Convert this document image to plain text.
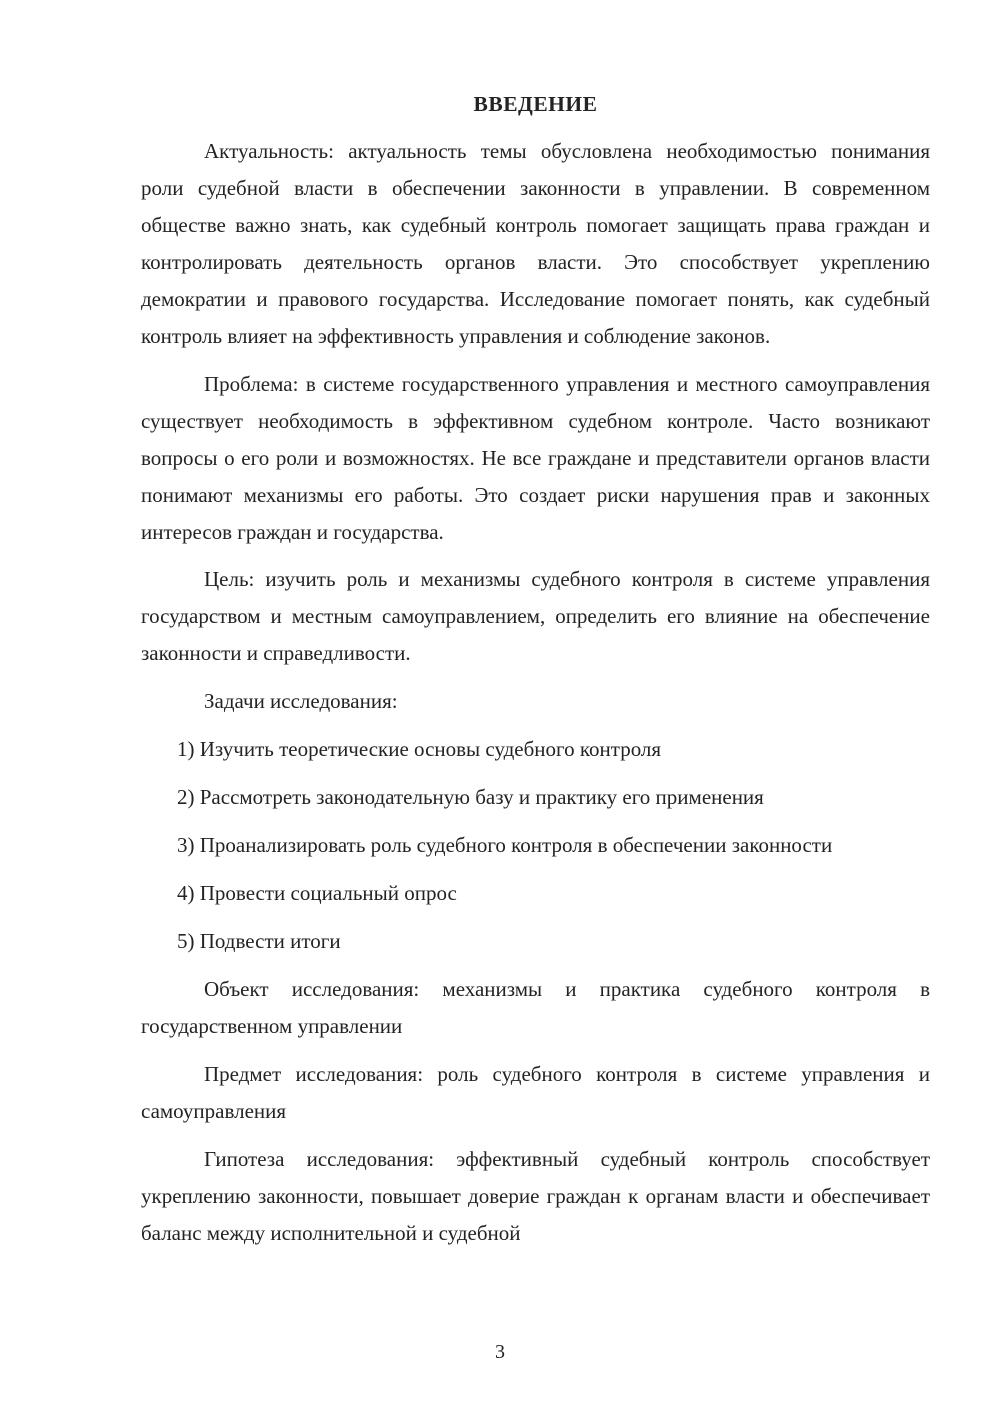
ВВЕДЕНИЕ

Актуальность: актуальность темы обусловлена необходимостью понимания роли судебной власти в обеспечении законности в управлении. В современном обществе важно знать, как судебный контроль помогает защищать права граждан и контролировать деятельность органов власти. Это способствует укреплению демократии и правового государства. Исследование помогает понять, как судебный контроль влияет на эффективность управления и соблюдение законов.

Проблема: в системе государственного управления и местного самоуправления существует необходимость в эффективном судебном контроле. Часто возникают вопросы о его роли и возможностях. Не все граждане и представители органов власти понимают механизмы его работы. Это создает риски нарушения прав и законных интересов граждан и государства.

Цель: изучить роль и механизмы судебного контроля в системе управления государством и местным самоуправлением, определить его влияние на обеспечение законности и справедливости.

Задачи исследования:

1) Изучить теоретические основы судебного контроля

2) Рассмотреть законодательную базу и практику его применения

3) Проанализировать роль судебного контроля в обеспечении законности

4) Провести социальный опрос

5) Подвести итоги

Объект исследования: механизмы и практика судебного контроля в государственном управлении

Предмет исследования: роль судебного контроля в системе управления и самоуправления

Гипотеза исследования: эффективный судебный контроль способствует укреплению законности, повышает доверие граждан к органам власти и обеспечивает баланс между исполнительной и судебной

3
